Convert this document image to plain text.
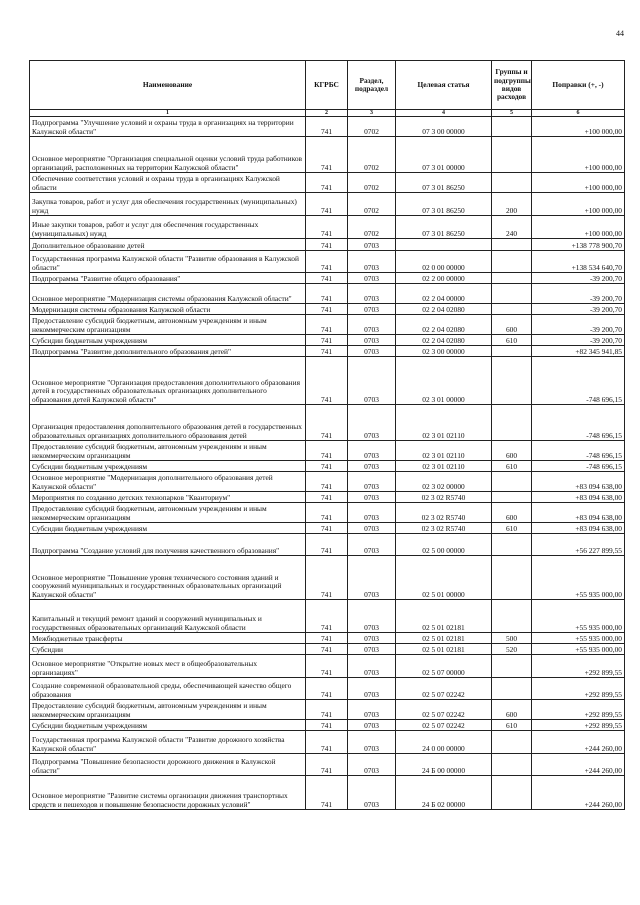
44
Наименование	КГРБС	Раздел, подраздел	Целевая статья	Группы и подгруппы видов расходов	Поправки (+, -)
1	2	3	4	5	6
Подпрограмма "Улучшение условий и охраны труда в организациях на территории Калужской области"	741	0702	07 3 00 00000		+100 000,00
Основное мероприятие "Организация специальной оценки условий труда работников организаций, расположенных на территории Калужской области"	741	0702	07 3 01 00000		+100 000,00
Обеспечение соответствия условий и охраны труда в организациях Калужской области	741	0702	07 3 01 86250		+100 000,00
Закупка товаров, работ и услуг для обеспечения государственных (муниципальных) нужд	741	0702	07 3 01 86250	200	+100 000,00
Иные закупки товаров, работ и услуг для обеспечения государственных (муниципальных) нужд	741	0702	07 3 01 86250	240	+100 000,00
Дополнительное образование детей	741	0703			+138 778 900,70
Государственная программа Калужской области "Развитие образования в Калужской области"	741	0703	02 0 00 00000		+138 534 640,70
Подпрограмма "Развитие общего образования"	741	0703	02 2 00 00000		-39 200,70
Основное мероприятие "Модернизация системы образования Калужской области"	741	0703	02 2 04 00000		-39 200,70
Модернизация системы образования Калужской области	741	0703	02 2 04 02080		-39 200,70
Предоставление субсидий бюджетным, автономным учреждениям и иным некоммерческим организациям	741	0703	02 2 04 02080	600	-39 200,70
Субсидии бюджетным учреждениям	741	0703	02 2 04 02080	610	-39 200,70
Подпрограмма "Развитие дополнительного образования детей"	741	0703	02 3 00 00000		+82 345 941,85
Основное мероприятие "Организация предоставления дополнительного образования детей в государственных образовательных организациях дополнительного образования детей Калужской области"	741	0703	02 3 01 00000		-748 696,15
Организация предоставления дополнительного образования детей в государственных образовательных организациях дополнительного образования детей	741	0703	02 3 01 02110		-748 696,15
Предоставление субсидий бюджетным, автономным учреждениям и иным некоммерческим организациям	741	0703	02 3 01 02110	600	-748 696,15
Субсидии бюджетным учреждениям	741	0703	02 3 01 02110	610	-748 696,15
Основное мероприятие "Модернизация дополнительного образования детей Калужской области"	741	0703	02 3 02 00000		+83 094 638,00
Мероприятия по созданию детских технопарков "Кванториум"	741	0703	02 3 02 R5740		+83 094 638,00
Предоставление субсидий бюджетным, автономным учреждениям и иным некоммерческим организациям	741	0703	02 3 02 R5740	600	+83 094 638,00
Субсидии бюджетным учреждениям	741	0703	02 3 02 R5740	610	+83 094 638,00
Подпрограмма "Создание условий для получения качественного образования"	741	0703	02 5 00 00000		+56 227 899,55
Основное мероприятие "Повышение уровня технического состояния зданий и сооружений муниципальных и государственных образовательных организаций Калужской области"	741	0703	02 5 01 00000		+55 935 000,00
Капитальный и текущий ремонт зданий и сооружений муниципальных и государственных образовательных организаций Калужской области	741	0703	02 5 01 02181		+55 935 000,00
Межбюджетные трансферты	741	0703	02 5 01 02181	500	+55 935 000,00
Субсидии	741	0703	02 5 01 02181	520	+55 935 000,00
Основное мероприятие "Открытие новых мест в общеобразовательных организациях"	741	0703	02 5 07 00000		+292 899,55
Создание современной образовательной среды, обеспечивающей качество общего образования	741	0703	02 5 07 02242		+292 899,55
Предоставление субсидий бюджетным, автономным учреждениям и иным некоммерческим организациям	741	0703	02 5 07 02242	600	+292 899,55
Субсидии бюджетным учреждениям	741	0703	02 5 07 02242	610	+292 899,55
Государственная программа Калужской области "Развитие дорожного хозяйства Калужской области"	741	0703	24 0 00 00000		+244 260,00
Подпрограмма "Повышение безопасности дорожного движения в Калужской области"	741	0703	24 Б 00 00000		+244 260,00
Основное мероприятие "Развитие системы организации движения транспортных средств и пешеходов и повышение безопасности дорожных условий"	741	0703	24 Б 02 00000		+244 260,00
